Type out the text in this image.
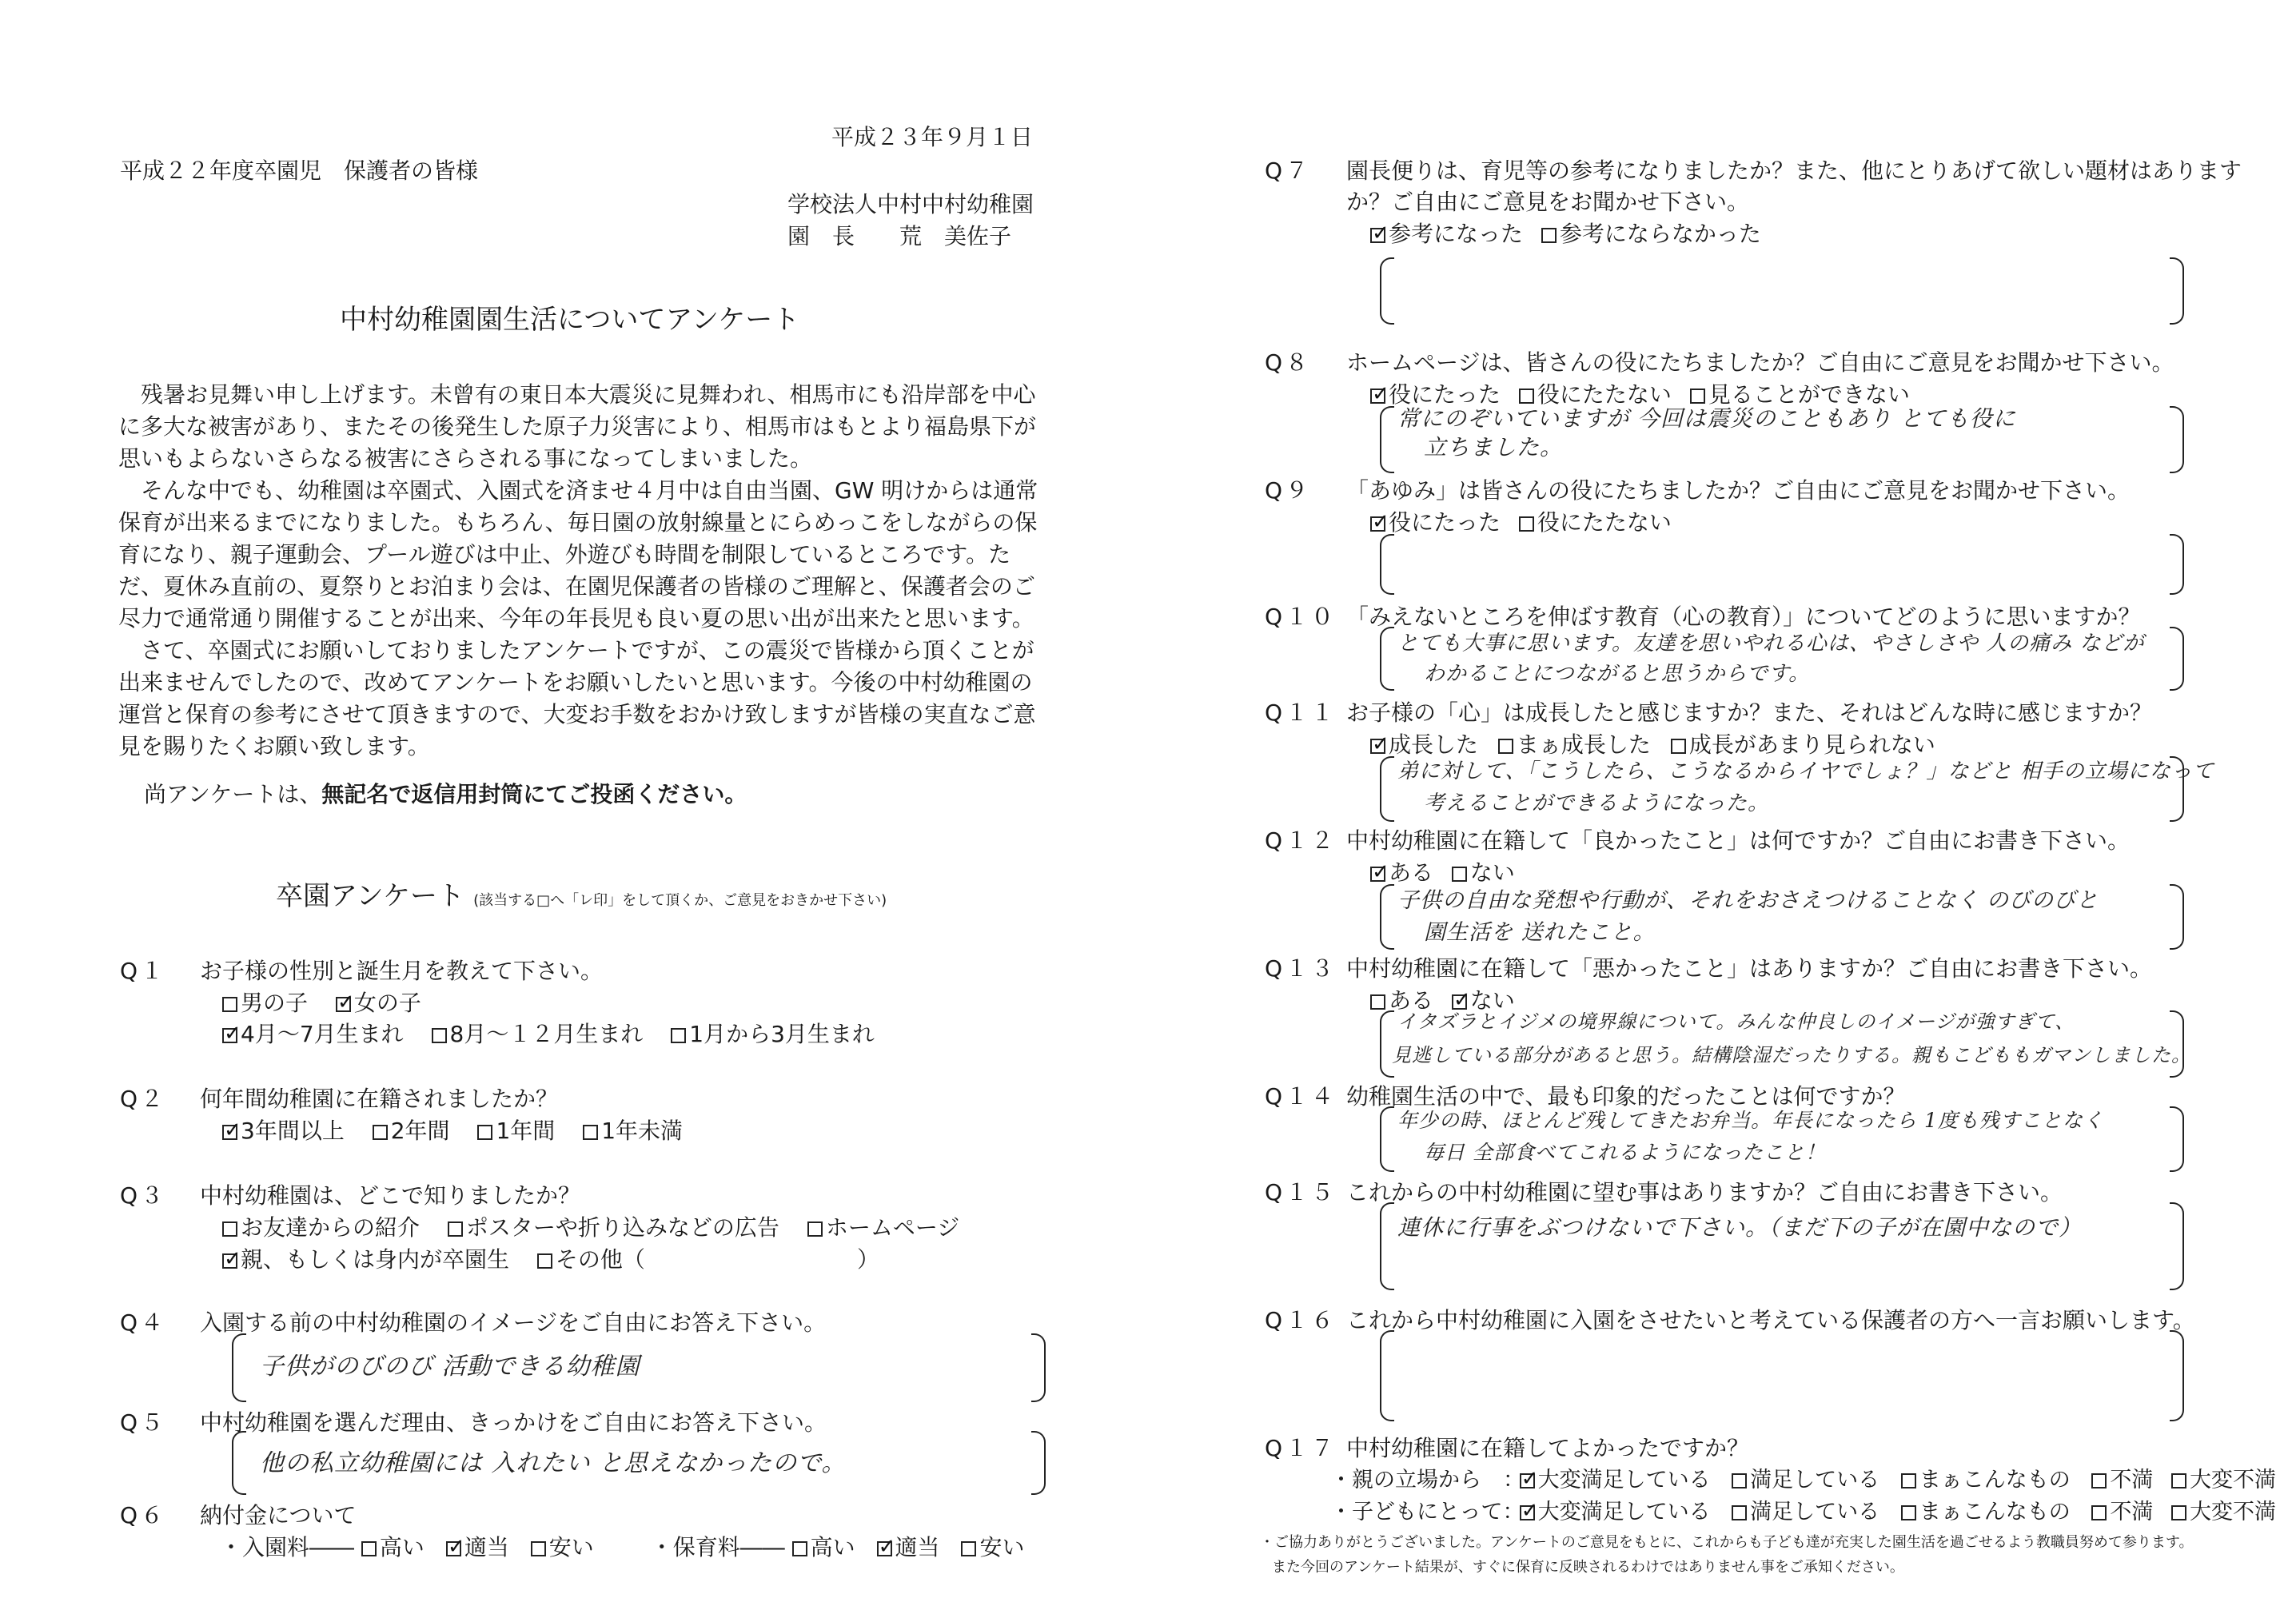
平成２３年９月１日
平成２２年度卒園児　保護者の皆様
学校法人中村中村幼稚園
園　長　　荒　美佐子
中村幼稚園園生活についてアンケート

残暑お見舞い申し上げます。未曾有の東日本大震災に見舞われ、相馬市にも沿岸部を中心に多大な被害があり、またその後発生した原子力災害により、相馬市はもとより福島県下が思いもよらないさらなる被害にさらされる事になってしまいました。

そんな中でも、幼稚園は卒園式、入園式を済ませ４月中は自由当園、GW 明けからは通常保育が出来るまでになりました。もちろん、毎日園の放射線量とにらめっこをしながらの保育になり、親子運動会、プール遊びは中止、外遊びも時間を制限しているところです。ただ、夏休み直前の、夏祭りとお泊まり会は、在園児保護者の皆様のご理解と、保護者会のご尽力で通常通り開催することが出来、今年の年長児も良い夏の思い出が出来たと思います。

さて、卒園式にお願いしておりましたアンケートですが、この震災で皆様から頂くことが出来ませんでしたので、改めてアンケートをお願いしたいと思います。今後の中村幼稚園の運営と保育の参考にさせて頂きますので、大変お手数をおかけ致しますが皆様の実直なご意見を賜りたくお願い致します。

尚アンケートは、無記名で返信用封筒にてご投函ください。
卒園アンケート (該当する□へ「レ印」をして頂くか、ご意見をおきかせ下さい)
Q１ お子様の性別と誕生月を教えて下さい。
男の子 ✓ 女の子
✓4月～7月生まれ 8月～１２月生まれ 1月から3月生まれ
Q２ 何年間幼稚園に在籍されましたか？
✓3年間以上 2年間 1年間 1年未満
Q３ 中村幼稚園は、どこで知りましたか？
お友達からの紹介 ポスターや折り込みなどの広告 ホームページ
✓親、もしくは身内が卒園生 その他（	）
Q４ 入園する前の中村幼稚園のイメージをご自由にお答え下さい。
子供がのびのび 活動できる幼稚園
Q５ 中村幼稚園を選んだ理由、きっかけをご自由にお答え下さい。
他の私立幼稚園には 入れたい と思えなかったので。
Q６ 納付金について
・入園料―― 高い ✓ 適当 安い	・保育料―― 高い ✓ 適当 安い
Q７ 園長便りは、育児等の参考になりましたか？また、他にとりあげて欲しい題材はあります
か？ご自由にご意見をお聞かせ下さい。
✓参考になった 参考にならなかった
Q８ ホームページは、皆さんの役にたちましたか？ご自由にご意見をお聞かせ下さい。
✓役にたった 役にたたない 見ることができない
常にのぞいていますが 今回は震災のこともあり とても役に
立ちました。
Q９ 「あゆみ」は皆さんの役にたちましたか？ご自由にご意見をお聞かせ下さい。
✓役にたった 役にたたない
Q１０ 「みえないところを伸ばす教育（心の教育）」についてどのように思いますか？
とても大事に思います。友達を思いやれる心は、やさしさや 人の痛み などが
わかることにつながると思うからです。
Q１１ お子様の「心」は成長したと感じますか？また、それはどんな時に感じますか？
✓成長した まぁ成長した 成長があまり見られない
弟に対して、「こうしたら、こうなるからイヤでしょ？」などと 相手の立場になって
考えることができるようになった。
Q１２ 中村幼稚園に在籍して「良かったこと」は何ですか？ご自由にお書き下さい。
✓ある ない
子供の自由な発想や行動が、それをおさえつけることなく のびのびと
園生活を 送れたこと。
Q１３ 中村幼稚園に在籍して「悪かったこと」はありますか？ご自由にお書き下さい。
ある ✓ ない
イタズラとイジメの境界線について。みんな仲良しのイメージが強すぎて、
見逃している部分があると思う。結構陰湿だったりする。親もこどももガマンしました。
Q１４ 幼稚園生活の中で、最も印象的だったことは何ですか？
年少の時、ほとんど残してきたお弁当。年長になったら 1度も残すことなく
毎日 全部食べてこれるようになったこと！
Q１５ これからの中村幼稚園に望む事はありますか？ご自由にお書き下さい。
連休に行事をぶつけないで下さい。（まだ下の子が在園中なので）
Q１６ これから中村幼稚園に入園をさせたいと考えている保護者の方へ一言お願いします。
Q１７ 中村幼稚園に在籍してよかったですか？
・親の立場から　： ✓ 大変満足している 満足している まぁこんなもの 不満 大変不満
・子どもにとって： ✓ 大変満足している 満足している まぁこんなもの 不満 大変不満
・ご協力ありがとうございました。アンケートのご意見をもとに、これからも子ども達が充実した園生活を過ごせるよう教職員努めて参ります。
また今回のアンケート結果が、すぐに保育に反映されるわけではありません事をご承知ください。
